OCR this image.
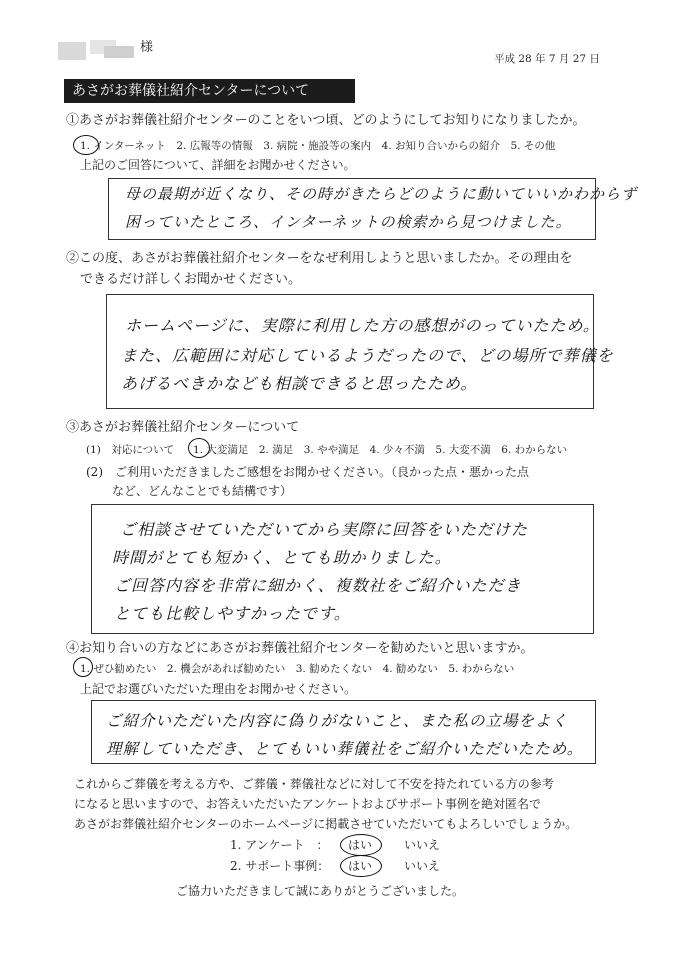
様
平成 28 年 7 月 27 日
あさがお葬儀社紹介センターについて
①あさがお葬儀社紹介センターのことをいつ頃、どのようにしてお知りになりましたか。
1. インターネット　2. 広報等の情報　3. 病院・施設等の案内　4. お知り合いからの紹介　5. その他
上記のご回答について、詳細をお聞かせください。
母の最期が近くなり、その時がきたらどのように動いていいかわからず
困っていたところ、インターネットの検索から見つけました。
②この度、あさがお葬儀社紹介センターをなぜ利用しようと思いましたか。その理由を
できるだけ詳しくお聞かせください。
ホームページに、実際に利用した方の感想がのっていたため。
また、広範囲に対応しているようだったので、どの場所で葬儀を
あげるべきかなども相談できると思ったため。
③あさがお葬儀社紹介センターについて
(1)　対応について 1. 大変満足　2. 満足　3. やや満足　4. 少々不満　5. 大変不満　6. わからない
(2)　ご利用いただきましたご感想をお聞かせください。（良かった点・悪かった点
など、どんなことでも結構です）
ご相談させていただいてから実際に回答をいただけた
時間がとても短かく、とても助かりました。
ご回答内容を非常に細かく、複数社をご紹介いただき
とても比較しやすかったです。
④お知り合いの方などにあさがお葬儀社紹介センターを勧めたいと思いますか。
1. ぜひ勧めたい　2. 機会があれば勧めたい　3. 勧めたくない　4. 勧めない　5. わからない
上記でお選びいただいた理由をお聞かせください。
ご紹介いただいた内容に偽りがないこと、また私の立場をよく
理解していただき、とてもいい葬儀社をご紹介いただいたため。
これからご葬儀を考える方や、ご葬儀・葬儀社などに対して不安を持たれている方の参考
になると思いますので、お答えいただいたアンケートおよびサポート事例を絶対匿名で
あさがお葬儀社紹介センターのホームページに掲載させていただいてもよろしいでしょうか。
1. アンケート　： はい	いいえ
2. サポート事例： はい	いいえ
ご協力いただきまして誠にありがとうございました。
